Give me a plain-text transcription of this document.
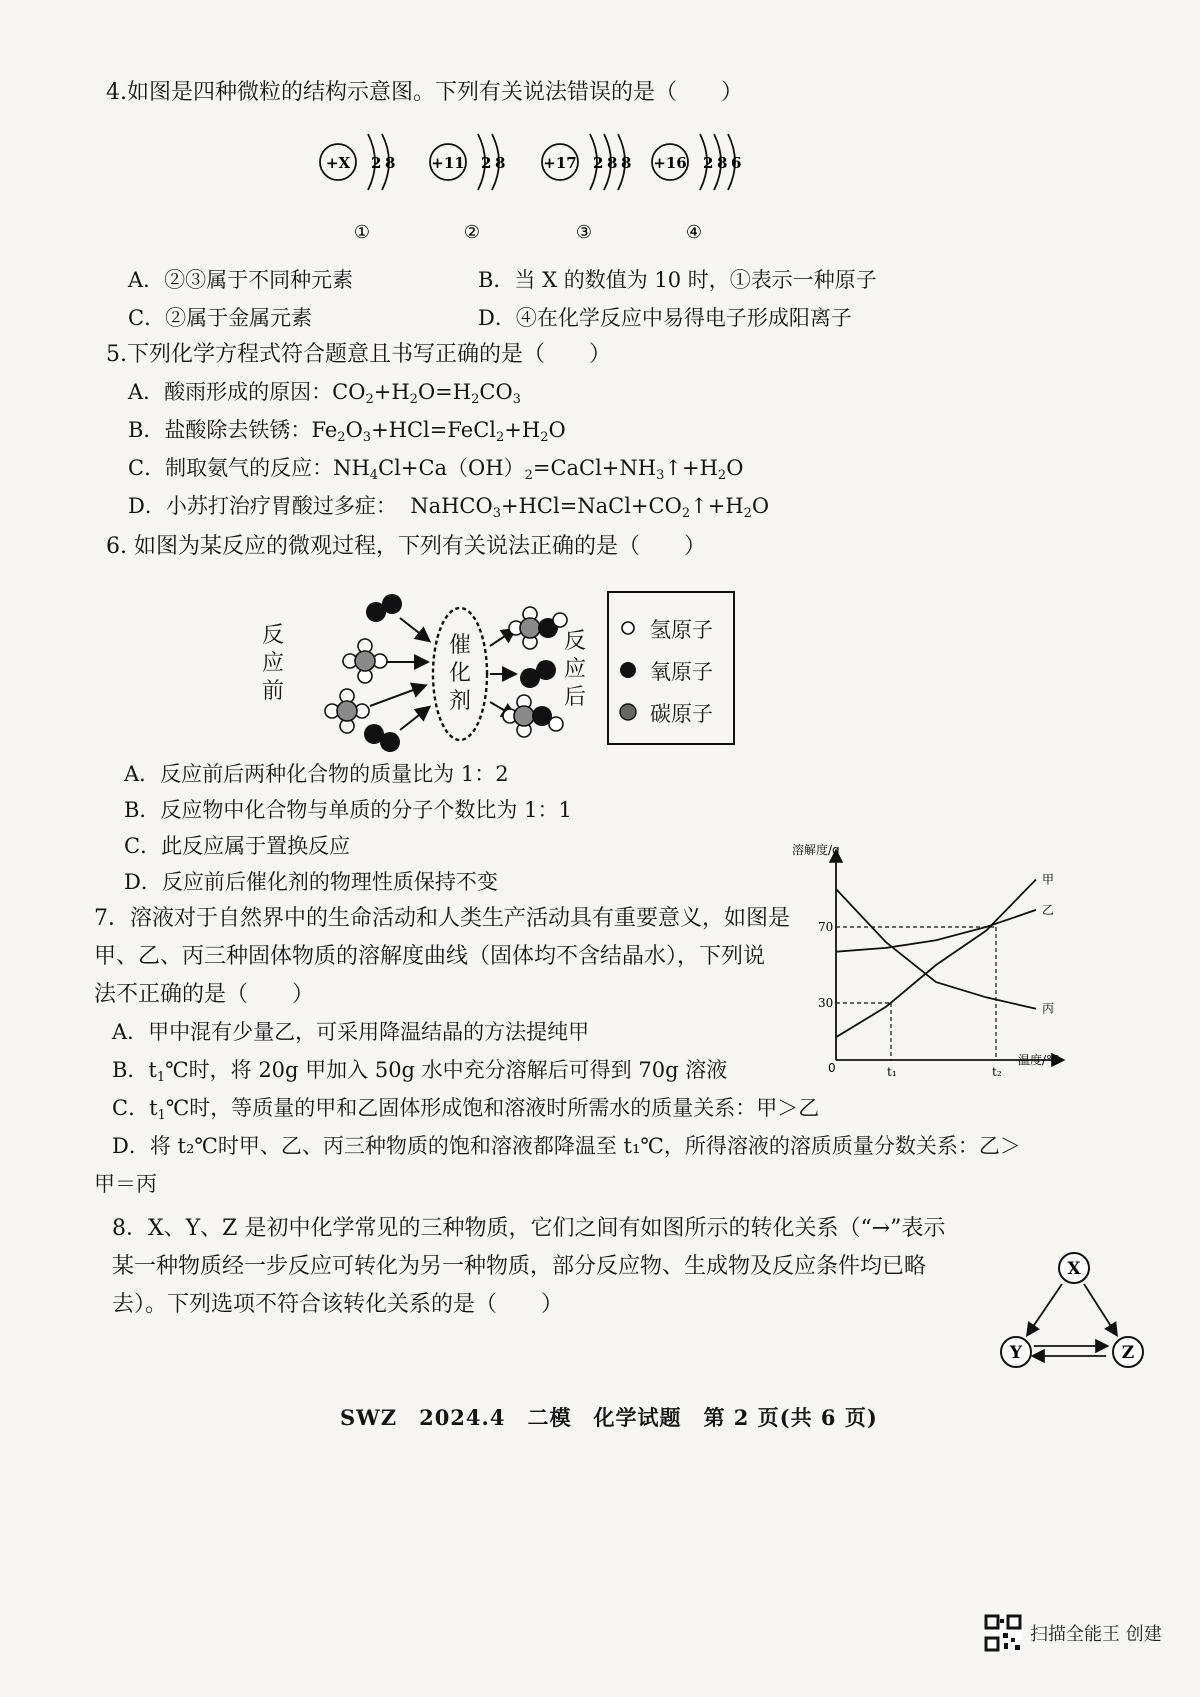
4.如图是四种微粒的结构示意图。下列有关说法错误的是（　　）
+X 2 8
①
+11 2 8
②
+17 2 8 8
③
+16 2 8 6
④
A．②③属于不同种元素	B．当 X 的数值为 10 时，①表示一种原子
C．②属于金属元素	D．④在化学反应中易得电子形成阳离子
5.下列化学方程式符合题意且书写正确的是（　　）
A．酸雨形成的原因：$CO_2+H_2O=H_2CO_3$
B．盐酸除去铁锈：$Fe_2O_3+HCl=FeCl_2+H_2O$
C．制取氨气的反应：$NH_4Cl+Ca(OH)_2=CaCl+NH_3↑+H_2O$
D．小苏打治疗胃酸过多症：  $NaHCO_3+HCl=NaCl+CO_2↑+H_2O$
6. 如图为某反应的微观过程，下列有关说法正确的是（　　）
反应前
催化剂
反应后
氢原子
氧原子
碳原子
A．反应前后两种化合物的质量比为 1：2
B．反应物中化合物与单质的分子个数比为 1：1
C．此反应属于置换反应
D．反应前后催化剂的物理性质保持不变
7．溶液对于自然界中的生命活动和人类生产活动具有重要意义，如图是
甲、乙、丙三种固体物质的溶解度曲线（固体均不含结晶水），下列说
法不正确的是（　　）
A．甲中混有少量乙，可采用降温结晶的方法提纯甲
B．$t_1℃$时，将 20g 甲加入 50g 水中充分溶解后可得到 70g 溶液
C．$t_1℃$时，等质量的甲和乙固体形成饱和溶液时所需水的质量关系：甲＞乙
D．将 t₂℃时甲、乙、丙三种物质的饱和溶液都降温至 t₁℃，所得溶液的溶质质量分数关系：乙＞
甲＝丙
t₁	t₂
30
70
甲
乙
丙
溶解度/g
温度/℃
0
8．X、Y、Z 是初中化学常见的三种物质，它们之间有如图所示的转化关系（“→”表示
某一种物质经一步反应可转化为另一种物质，部分反应物、生成物及反应条件均已略
去）。下列选项不符合该转化关系的是（　　）
X
Y	Z
SWZ　2024.4　二模　化学试题　第 2 页(共 6 页)
扫描全能王 创建
